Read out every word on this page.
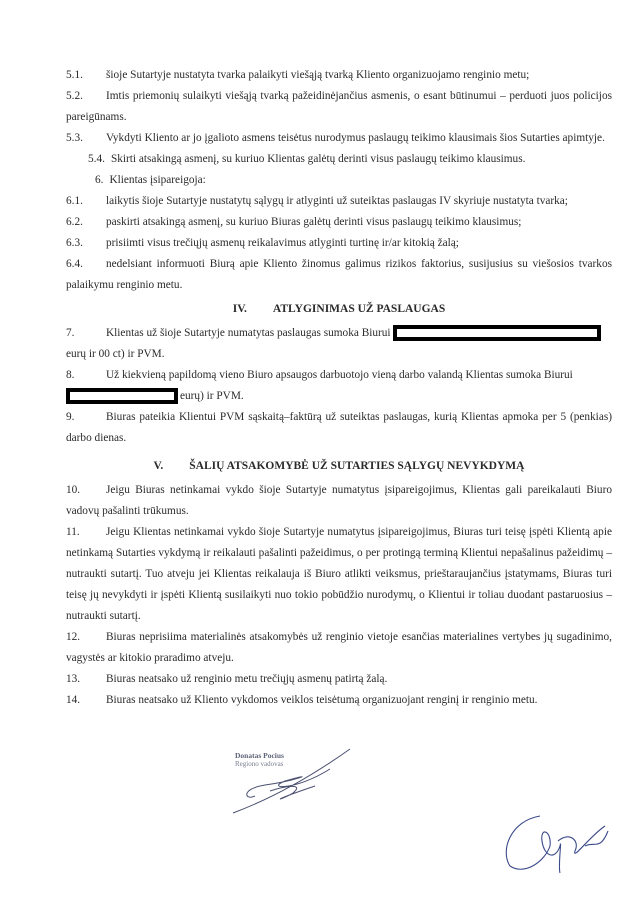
5.1. šioje Sutartyje nustatyta tvarka palaikyti viešąją tvarką Kliento organizuojamo renginio metu;
5.2. Imtis priemonių sulaikyti viešąją tvarką pažeidinėjančius asmenis, o esant būtinumui – perduoti juos policijos pareigūnams.
5.3. Vykdyti Kliento ar jo įgalioto asmens teisėtus nurodymus paslaugų teikimo klausimais šios Sutarties apimtyje.
5.4. Skirti atsakingą asmenį, su kuriuo Klientas galėtų derinti visus paslaugų teikimo klausimus.
6. Klientas įsipareigoja:
6.1. laikytis šioje Sutartyje nustatytų sąlygų ir atlyginti už suteiktas paslaugas IV skyriuje nustatyta tvarka;
6.2. paskirti atsakingą asmenį, su kuriuo Biuras galėtų derinti visus paslaugų teikimo klausimus;
6.3. prisiimti visus trečiųjų asmenų reikalavimus atlyginti turtinę ir/ar kitokią žalą;
6.4. nedelsiant informuoti Biurą apie Kliento žinomus galimus rizikos faktorius, susijusius su viešosios tvarkos palaikymu renginio metu.
IV. ATLYGINIMAS UŽ PASLAUGAS
7.	Klientas už šioje Sutartyje numatytas paslaugas sumoka Biurui
eurų ir 00 ct) ir PVM.
8.	Už kiekvieną papildomą vieno Biuro apsaugos darbuotojo vieną darbo valandą Klientas sumoka Biurui
eurų) ir PVM.
9.	Biuras pateikia Klientui PVM sąskaitą–faktūrą už suteiktas paslaugas, kurią Klientas apmoka per 5 (penkias) darbo dienas.
V. ŠALIŲ ATSAKOMYBĖ UŽ SUTARTIES SĄLYGŲ NEVYKDYMĄ
10. Jeigu Biuras netinkamai vykdo šioje Sutartyje numatytus įsipareigojimus, Klientas gali pareikalauti Biuro vadovų pašalinti trūkumus.
11. Jeigu Klientas netinkamai vykdo šioje Sutartyje numatytus įsipareigojimus, Biuras turi teisę įspėti Klientą apie netinkamą Sutarties vykdymą ir reikalauti pašalinti pažeidimus, o per protingą terminą Klientui nepašalinus pažeidimų – nutraukti sutartį. Tuo atveju jei Klientas reikalauja iš Biuro atlikti veiksmus, prieštaraujančius įstatymams, Biuras turi teisę jų nevykdyti ir įspėti Klientą susilaikyti nuo tokio pobūdžio nurodymų, o Klientui ir toliau duodant pastaruosius – nutraukti sutartį.
12. Biuras neprisiima materialinės atsakomybės už renginio vietoje esančias materialines vertybes jų sugadinimo, vagystės ar kitokio praradimo atveju.
13. Biuras neatsako už renginio metu trečiųjų asmenų patirtą žalą.
14. Biuras neatsako už Kliento vykdomos veiklos teisėtumą organizuojant renginį ir renginio metu.
Donatas Pocius
Regiono vadovas
